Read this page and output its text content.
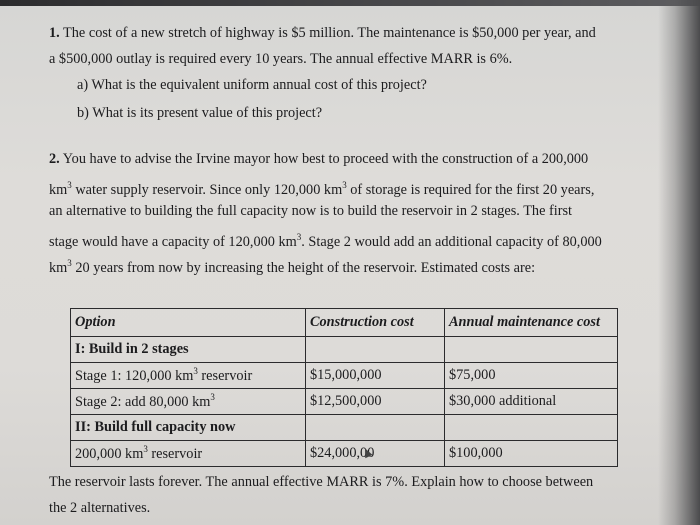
1. The cost of a new stretch of highway is $5 million. The maintenance is $50,000 per year, and
a $500,000 outlay is required every 10 years. The annual effective MARR is 6%.
a) What is the equivalent uniform annual cost of this project?
b) What is its present value of this project?
2. You have to advise the Irvine mayor how best to proceed with the construction of a 200,000
$km^3$ water supply reservoir. Since only 120,000 $km^3$ of storage is required for the first 20 years,
an alternative to building the full capacity now is to build the reservoir in 2 stages. The first
stage would have a capacity of 120,000 $km^3$. Stage 2 would add an additional capacity of 80,000
$km^3$ 20 years from now by increasing the height of the reservoir. Estimated costs are:
Option	Construction cost	Annual maintenance cost
I: Build in 2 stages		
Stage 1: 120,000 $km^3$ reservoir	$15,000,000	$75,000
Stage 2: add 80,000 $km^3$	$12,500,000	$30,000 additional
II: Build full capacity now		
200,000 $km^3$ reservoir	$24,000,00	$100,000
The reservoir lasts forever. The annual effective MARR is 7%. Explain how to choose between
the 2 alternatives.
